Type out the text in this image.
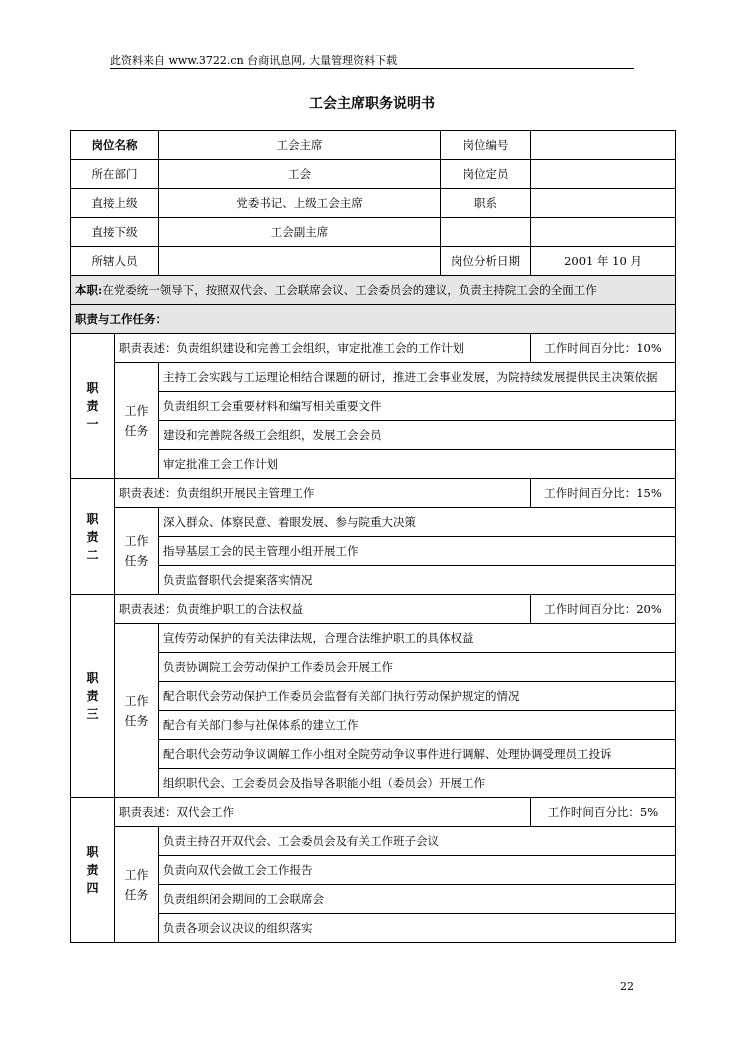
此资料来自 www.3722.cn 台商讯息网, 大量管理资料下载
工会主席职务说明书
岗位名称		工会主席	岗位编号	
所在部门		工会	岗位定员	
直接上级		党委书记、上级工会主席	职系	
直接下级		工会副主席		
所辖人员			岗位分析日期	2001 年 10 月
本职:在党委统一领导下，按照双代会、工会联席会议、工会委员会的建议，负责主持院工会的全面工作				
职责与工作任务：				

职
责
一	职责表述：负责组织建设和完善工会组织，审定批准工会的工作计划			工作时间百分比：10%

	工作任务	主持工会实践与工运理论相结合课题的研讨，推进工会事业发展，为院持续发展提供民主决策依据		
		负责组织工会重要材料和编写相关重要文件		
		建设和完善院各级工会组织，发展工会会员		
		审定批准工会工作计划		

职
责
二	职责表述：负责组织开展民主管理工作			工作时间百分比：15%

	工作任务	深入群众、体察民意、着眼发展、参与院重大决策		
		指导基层工会的民主管理小组开展工作		
		负责监督职代会提案落实情况		

职
责
三	职责表述：负责维护职工的合法权益			工作时间百分比：20%

	工作任务	宣传劳动保护的有关法律法规，合理合法维护职工的具体权益		
		负责协调院工会劳动保护工作委员会开展工作		
		配合职代会劳动保护工作委员会监督有关部门执行劳动保护规定的情况		
		配合有关部门参与社保体系的建立工作		
		配合职代会劳动争议调解工作小组对全院劳动争议事件进行调解、处理协调受理员工投诉		
		组织职代会、工会委员会及指导各职能小组（委员会）开展工作		

职
责
四	职责表述：双代会工作			工作时间百分比：5%

	工作任务	负责主持召开双代会、工会委员会及有关工作班子会议		
		负责向双代会做工会工作报告		
		负责组织闭会期间的工会联席会		
		负责各项会议决议的组织落实		
22
